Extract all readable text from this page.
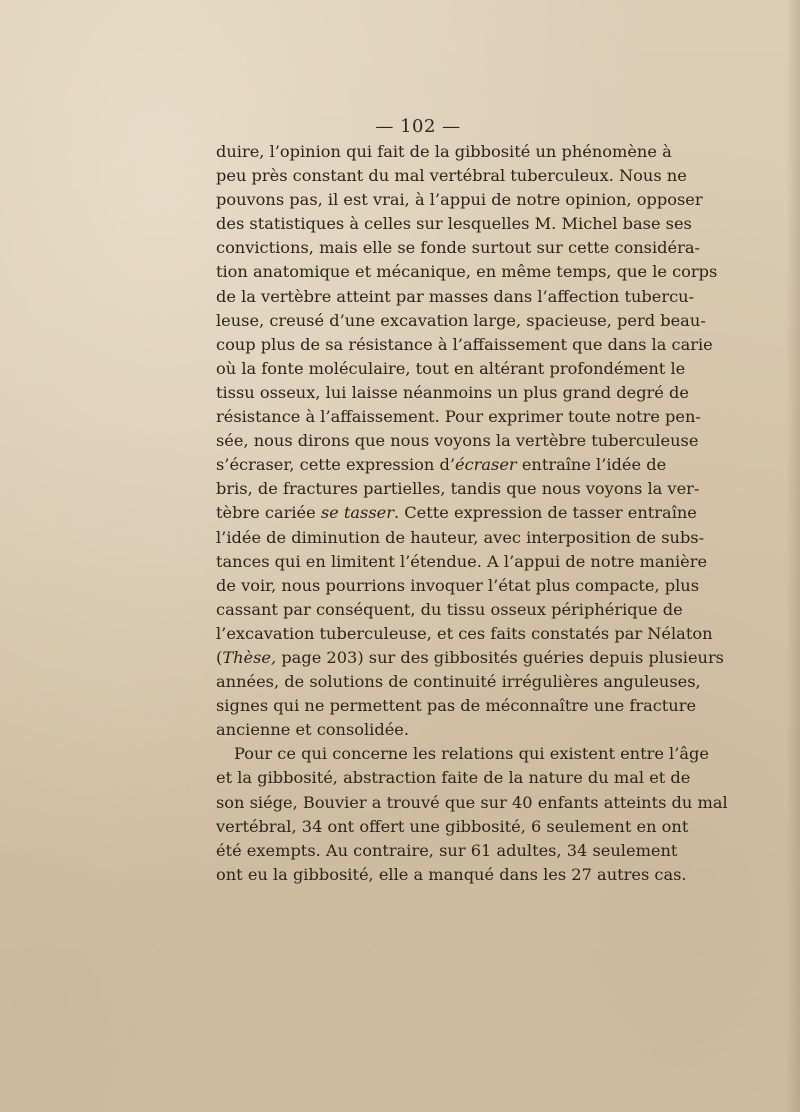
— 102 —
duire, l’opinion qui fait de la gibbosité un phénomène à
peu près constant du mal vertébral tuberculeux. Nous ne
pouvons pas, il est vrai, à l’appui de notre opinion, opposer
des statistiques à celles sur lesquelles M. Michel base ses
convictions, mais elle se fonde surtout sur cette considéra-
tion anatomique et mécanique, en même temps, que le corps
de la vertèbre atteint par masses dans l’affection tubercu-
leuse, creusé d’une excavation large, spacieuse, perd beau-
coup plus de sa résistance à l’affaissement que dans la carie
où la fonte moléculaire, tout en altérant profondément le
tissu osseux, lui laisse néanmoins un plus grand degré de
résistance à l’affaissement. Pour exprimer toute notre pen-
sée, nous dirons que nous voyons la vertèbre tuberculeuse
s’écraser, cette expression d’écraser entraîne l’idée de
bris, de fractures partielles, tandis que nous voyons la ver-
tèbre cariée se tasser. Cette expression de tasser entraîne
l’idée de diminution de hauteur, avec interposition de subs-
tances qui en limitent l’étendue. A l’appui de notre manière
de voir, nous pourrions invoquer l’état plus compacte, plus
cassant par conséquent, du tissu osseux périphérique de
l’excavation tuberculeuse, et ces faits constatés par Nélaton
(Thèse, page 203) sur des gibbosités guéries depuis plusieurs
années, de solutions de continuité irrégulières anguleuses,
signes qui ne permettent pas de méconnaître une fracture
ancienne et consolidée.
Pour ce qui concerne les relations qui existent entre l’âge
et la gibbosité, abstraction faite de la nature du mal et de
son siége, Bouvier a trouvé que sur 40 enfants atteints du mal
vertébral, 34 ont offert une gibbosité, 6 seulement en ont
été exempts. Au contraire, sur 61 adultes, 34 seulement
ont eu la gibbosité, elle a manqué dans les 27 autres cas.
